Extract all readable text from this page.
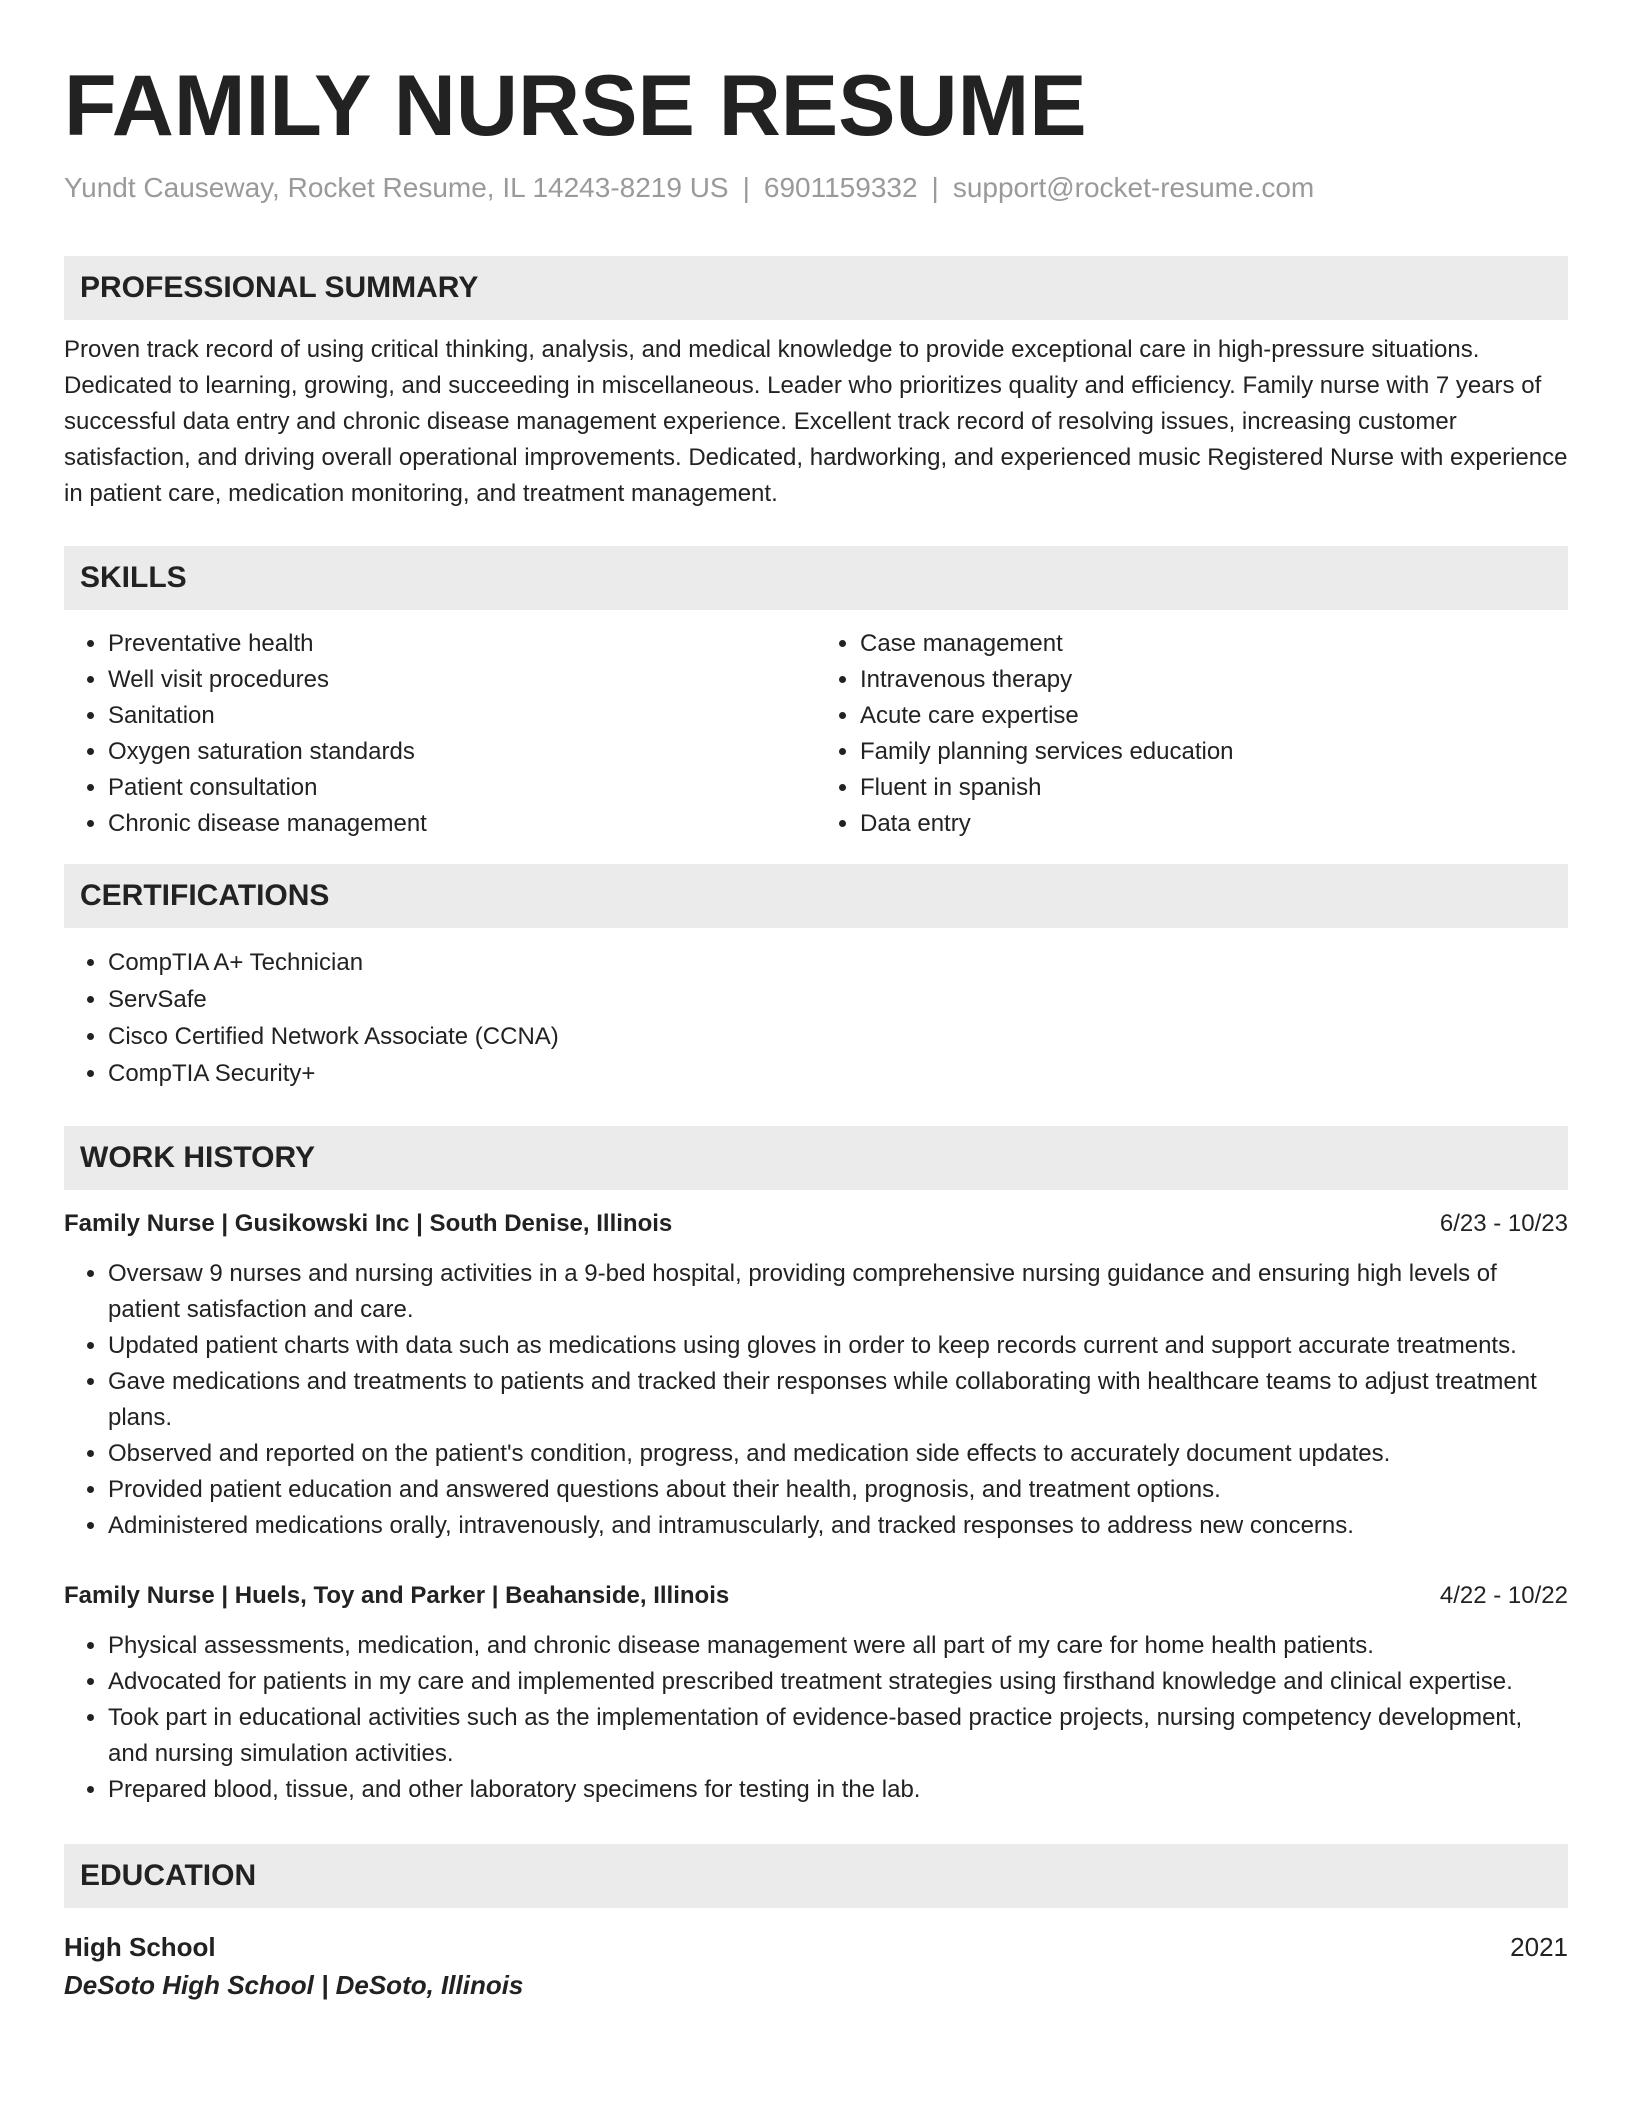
FAMILY NURSE RESUME
Yundt Causeway, Rocket Resume, IL 14243-8219 US | 6901159332 | support@rocket-resume.com
PROFESSIONAL SUMMARY
Proven track record of using critical thinking, analysis, and medical knowledge to provide exceptional care in high-pressure situations. Dedicated to learning, growing, and succeeding in miscellaneous. Leader who prioritizes quality and efficiency. Family nurse with 7 years of successful data entry and chronic disease management experience. Excellent track record of resolving issues, increasing customer satisfaction, and driving overall operational improvements. Dedicated, hardworking, and experienced music Registered Nurse with experience in patient care, medication monitoring, and treatment management.
SKILLS
• Preventative health
• Well visit procedures
• Sanitation
• Oxygen saturation standards
• Patient consultation
• Chronic disease management
• Case management
• Intravenous therapy
• Acute care expertise
• Family planning services education
• Fluent in spanish
• Data entry
CERTIFICATIONS
• CompTIA A+ Technician
• ServSafe
• Cisco Certified Network Associate (CCNA)
• CompTIA Security+
WORK HISTORY
Family Nurse | Gusikowski Inc | South Denise, Illinois	6/23 - 10/23
• Oversaw 9 nurses and nursing activities in a 9-bed hospital, providing comprehensive nursing guidance and ensuring high levels of patient satisfaction and care.
• Updated patient charts with data such as medications using gloves in order to keep records current and support accurate treatments.
• Gave medications and treatments to patients and tracked their responses while collaborating with healthcare teams to adjust treatment plans.
• Observed and reported on the patient's condition, progress, and medication side effects to accurately document updates.
• Provided patient education and answered questions about their health, prognosis, and treatment options.
• Administered medications orally, intravenously, and intramuscularly, and tracked responses to address new concerns.
Family Nurse | Huels, Toy and Parker | Beahanside, Illinois	4/22 - 10/22
• Physical assessments, medication, and chronic disease management were all part of my care for home health patients.
• Advocated for patients in my care and implemented prescribed treatment strategies using firsthand knowledge and clinical expertise.
• Took part in educational activities such as the implementation of evidence-based practice projects, nursing competency development, and nursing simulation activities.
• Prepared blood, tissue, and other laboratory specimens for testing in the lab.
EDUCATION
High School	2021
DeSoto High School | DeSoto, Illinois
